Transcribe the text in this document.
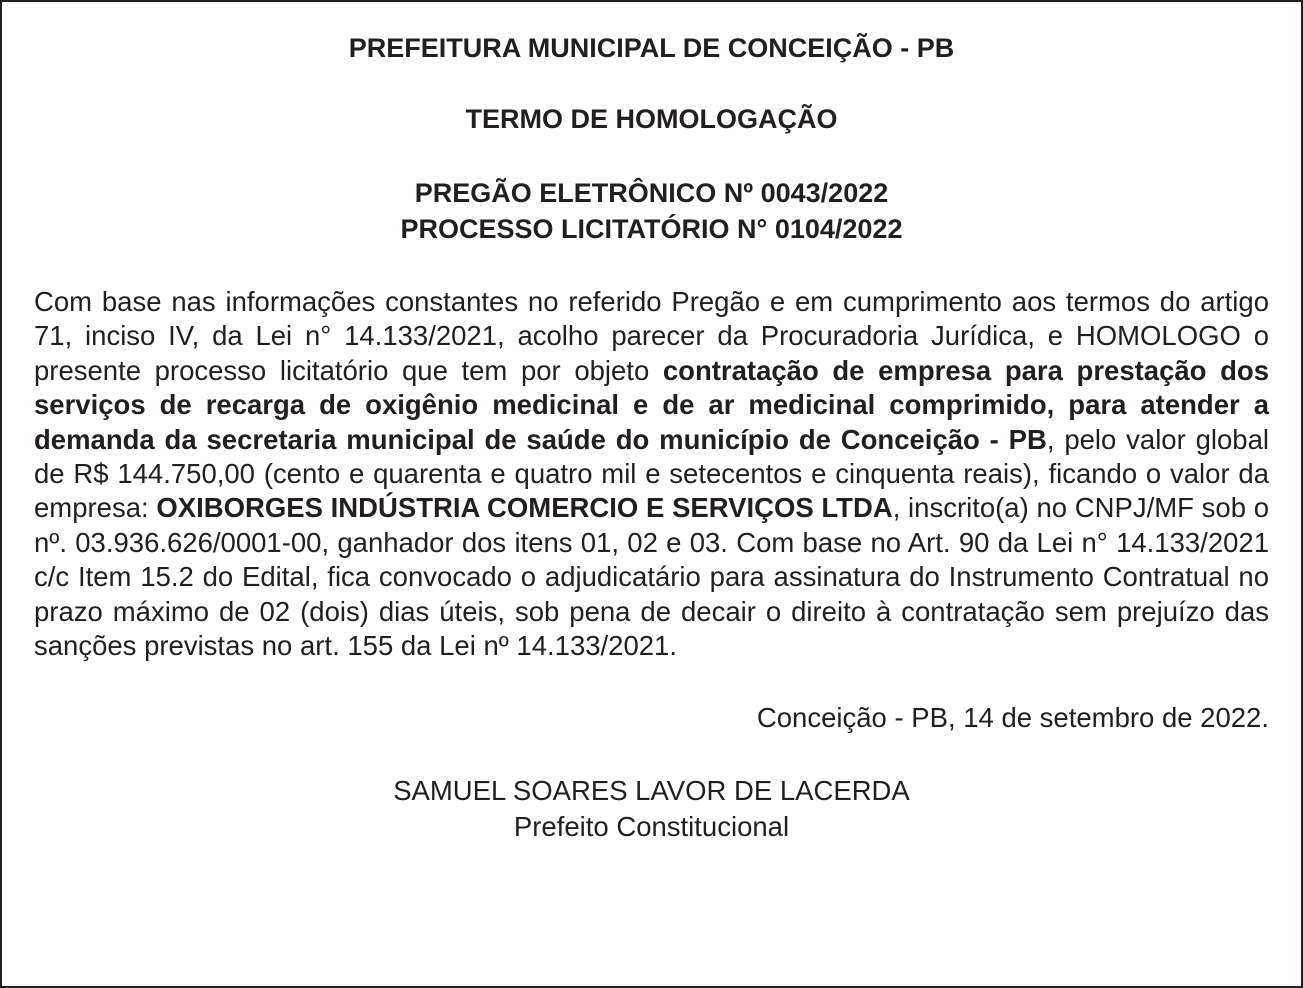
PREFEITURA MUNICIPAL DE CONCEIÇÃO - PB

TERMO DE HOMOLOGAÇÃO

PREGÃO ELETRÔNICO Nº 0043/2022

PROCESSO LICITATÓRIO N° 0104/2022

Com base nas informações constantes no referido Pregão e em cumprimento aos termos do artigo 71, inciso IV, da Lei n° 14.133/2021, acolho parecer da Procuradoria Jurídica, e HOMOLOGO o presente processo licitatório que tem por objeto contratação de empresa para prestação dos serviços de recarga de oxigênio medicinal e de ar medicinal comprimido, para atender a demanda da secretaria municipal de saúde do município de Conceição - PB, pelo valor global de R$ 144.750,00 (cento e quarenta e quatro mil e setecentos e cinquenta reais), ficando o valor da empresa: OXIBORGES INDÚSTRIA COMERCIO E SERVIÇOS LTDA, inscrito(a) no CNPJ/MF sob o nº. 03.936.626/0001-00, ganhador dos itens 01, 02 e 03. Com base no Art. 90 da Lei n° 14.133/2021 c/c Item 15.2 do Edital, fica convocado o adjudicatário para assinatura do Instrumento Contratual no prazo máximo de 02 (dois) dias úteis, sob pena de decair o direito à contratação sem prejuízo das sanções previstas no art. 155 da Lei nº 14.133/2021.

Conceição - PB, 14 de setembro de 2022.

SAMUEL SOARES LAVOR DE LACERDA
Prefeito Constitucional
